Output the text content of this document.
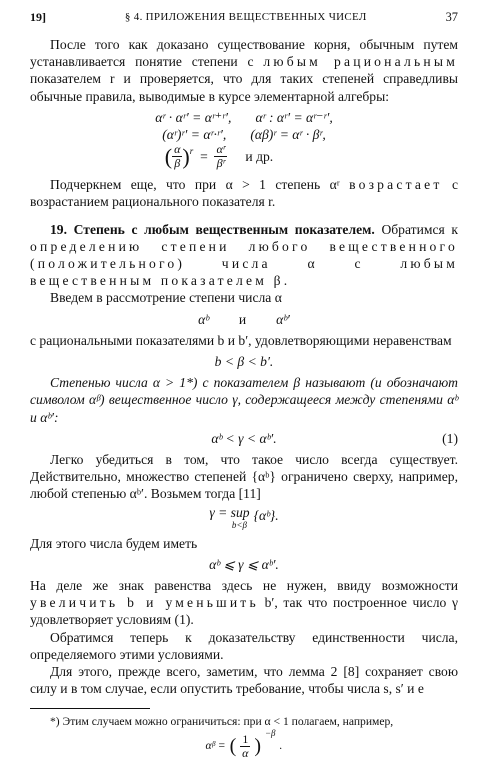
19]	§ 4. ПРИЛОЖЕНИЯ ВЕЩЕСТВЕННЫХ ЧИСЕЛ	37

После того как доказано существование корня, обычным путем устанавливается понятие степени с любым рациональным показателем r и проверяется, что для таких степеней справедливы обычные правила, выводимые в курсе элементарной алгебры:

αʳ · αʳ′ = αʳ⁺ʳ′, αʳ : αʳ′ = αʳ⁻ʳ′,
(αʳ)ʳ′ = αʳ·ʳ′, (αβ)ʳ = αʳ · βʳ,
( $\frac{\alpha}{\beta} )^r = \frac{\text{αʳ}}{\text{βʳ}}$ и др.

Подчеркнем еще, что при α > 1 степень αʳ возрастает с возрастанием рационального показателя r.

19. Степень с любым вещественным показателем. Обратимся к определению степени любого вещественного (положительного) числа α с любым вещественным показателем β.

Введем в рассмотрение степени числа α

αᵇ и αᵇ′

с рациональными показателями b и b′, удовлетворяющими неравенствам

b < β < b′.

Степенью числа α > 1*) с показателем β называют (и обозначают символом αᵝ) вещественное число γ, содержащееся между степенями αᵇ и αᵇ′:

αᵇ < γ < αᵇ′.	(1)

Легко убедиться в том, что такое число всегда существует. Действительно, множество степеней {αᵇ} ограничено сверху, например, любой степенью αᵇ′. Возьмем тогда [11]

γ = sup
b<β
{αᵇ}.

Для этого числа будем иметь

αᵇ ⩽ γ ⩽ αᵇ′.

На деле же знак равенства здесь не нужен, ввиду возможности увеличить b и уменьшить b′, так что построенное число γ удовлетворяет условиям (1).

Обратимся теперь к доказательству единственности числа, определяемого этими условиями.

Для этого, прежде всего, заметим, что лемма 2 [8] сохраняет свою силу и в том случае, если опустить требование, чтобы числа s, s′ и e

*) Этим случаем можно ограничиться: при α < 1 полагаем, например,

αᵝ = ( $\frac{1}{\alpha}$ )
−β
.
